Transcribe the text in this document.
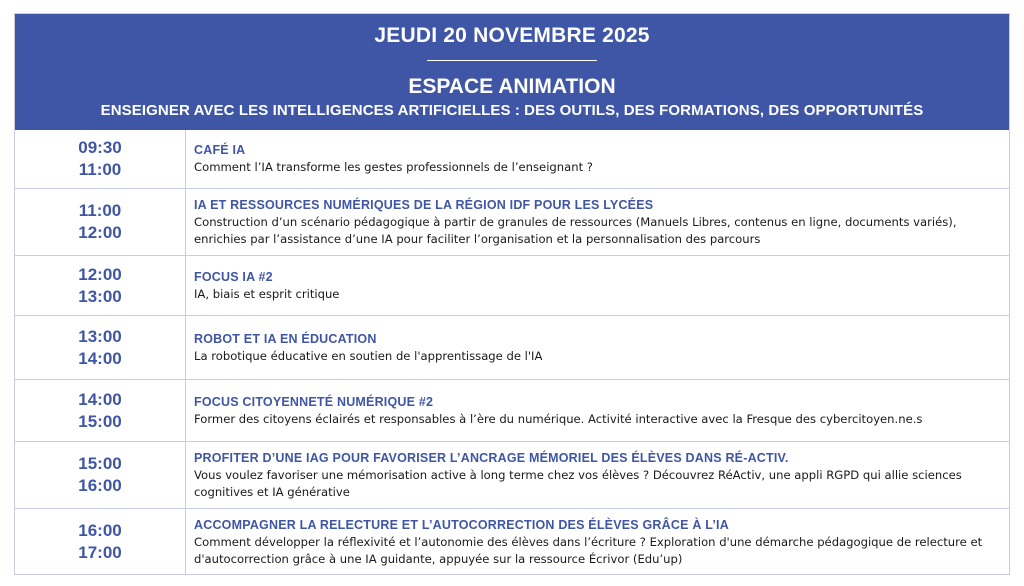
JEUDI 20 NOVEMBRE 2025
ESPACE ANIMATION
ENSEIGNER AVEC LES INTELLIGENCES ARTIFICIELLES : DES OUTILS, DES FORMATIONS, DES OPPORTUNITÉS
09:30
11:00
CAFÉ IA
Comment l’IA transforme les gestes professionnels de l’enseignant ?
11:00
12:00
IA ET RESSOURCES NUMÉRIQUES DE LA RÉGION IDF POUR LES LYCÉES
Construction d’un scénario pédagogique à partir de granules de ressources (Manuels Libres, contenus en ligne, documents variés), enrichies par l’assistance d’une IA pour faciliter l’organisation et la personnalisation des parcours
12:00
13:00
FOCUS IA #2
IA, biais et esprit critique
13:00
14:00
ROBOT ET IA EN ÉDUCATION
La robotique éducative en soutien de l'apprentissage de l'IA
14:00
15:00
FOCUS CITOYENNETÉ NUMÉRIQUE #2
Former des citoyens éclairés et responsables à l’ère du numérique. Activité interactive avec la Fresque des cybercitoyen.ne.s
15:00
16:00
PROFITER D’UNE IAG POUR FAVORISER L’ANCRAGE MÉMORIEL DES ÉLÈVES DANS RÉ-ACTIV.
Vous voulez favoriser une mémorisation active à long terme chez vos élèves ? Découvrez RéActiv, une appli RGPD qui allie sciences cognitives et IA générative
16:00
17:00
ACCOMPAGNER LA RELECTURE ET L’AUTOCORRECTION DES ÉLÈVES GRÂCE À L’IA
Comment développer la réflexivité et l’autonomie des élèves dans l’écriture ? Exploration d'une démarche pédagogique de relecture et d'autocorrection grâce à une IA guidante, appuyée sur la ressource Écrivor (Edu’up)
